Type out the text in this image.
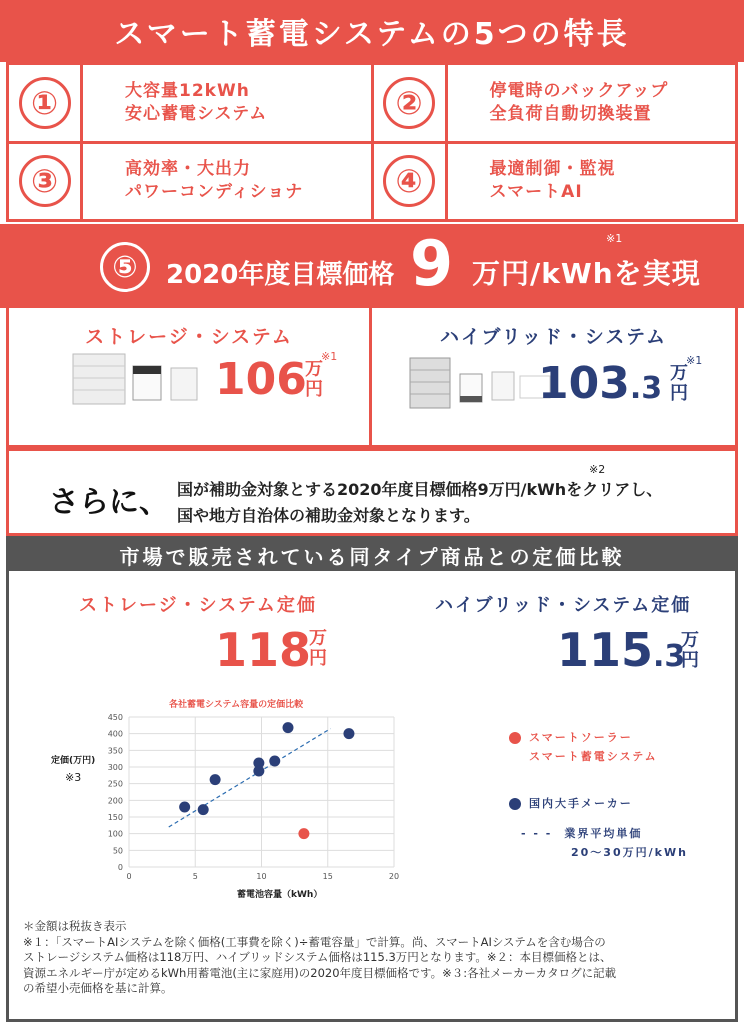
スマート蓄電システムの5つの特長
①	大容量12kWh
安心蓄電システム	②	停電時のバックアップ
全負荷自動切換装置
③	高効率・大出力
パワーコンディショナ	④	最適制御・監視
スマートAI
⑤	2020年度目標価格 9 万円/kWhを実現
※1
ストレージ・システム
106
万円
※1
ハイブリッド・システム
103.3 万円
※1
さらに、 国が補助金対象とする2020年度目標価格9万円/kWhをクリアし、
国や地方自治体の補助金対象となります。
※2
市場で販売されている同タイプ商品との定価比較
ストレージ・システム定価
118
万円
ハイブリッド・システム定価
115.3
万円
各社蓄電システム容量の定価比較
定価(万円)
※3
0
50
100
150
200
250
300
350
400
450
0	5	10	15	20
蓄電池容量（kWh）
スマートソーラー
スマート蓄電システム
国内大手メーカー
- - - 業界平均単価
20〜30万円/kWh
＊金額は税抜き表示
※１：「スマートAIシステムを除く価格(工事費を除く)÷蓄電容量」で計算。尚、スマートAIシステムを含む場合の
ストレージシステム価格は118万円、ハイブリッドシステム価格は115.3万円となります。※２：本目標価格とは、
資源エネルギー庁が定めるkWh用蓄電池(主に家庭用)の2020年度目標価格です。※３:各社メーカーカタログに記載
の希望小売価格を基に計算。
